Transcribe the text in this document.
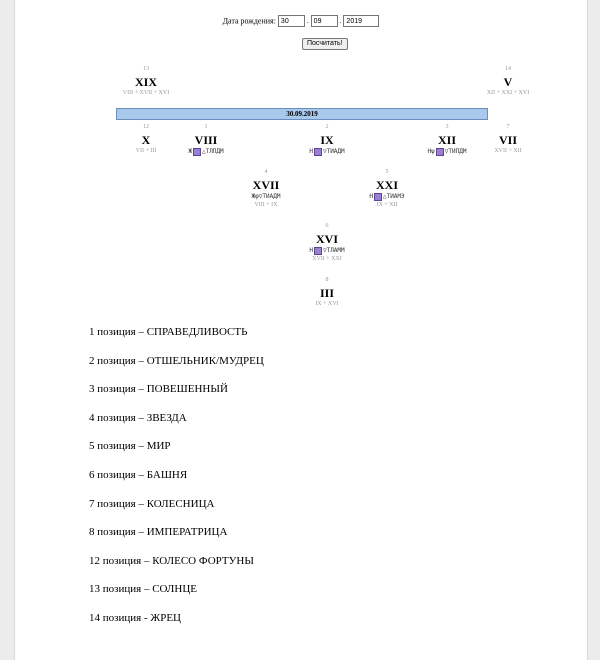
Дата рождения: 30	. 09	. 2019
Посчитать!
13
XIX
VIII + XVII + XVI
14
V
XII + XXI + XVI
30.09.2019
12
X
VII + III
1
VIII
Ж △ТЛПДМ
2
IX
Н ▽ТИАДМ
3
XII
Нψ ▽ТИПДМ
7
VII
XVII + XII
4
XVII
Жφ▽ТИАДМ
VIII + IX
5
XXI
Н △ТИАМЭ
IX + XII
6
XVI
Н ▽ТЛАММ
XVII + XXI
8
III
IX + XVI
1 позиция – СПРАВЕДЛИВОСТЬ
2 позиция – ОТШЕЛЬНИК/МУДРЕЦ
3 позиция – ПОВЕШЕННЫЙ
4 позиция – ЗВЕЗДА
5 позиция – МИР
6 позиция – БАШНЯ
7 позиция – КОЛЕСНИЦА
8 позиция – ИМПЕРАТРИЦА
12 позиция – КОЛЕСО ФОРТУНЫ
13 позиция – СОЛНЦЕ
14 позиция - ЖРЕЦ
